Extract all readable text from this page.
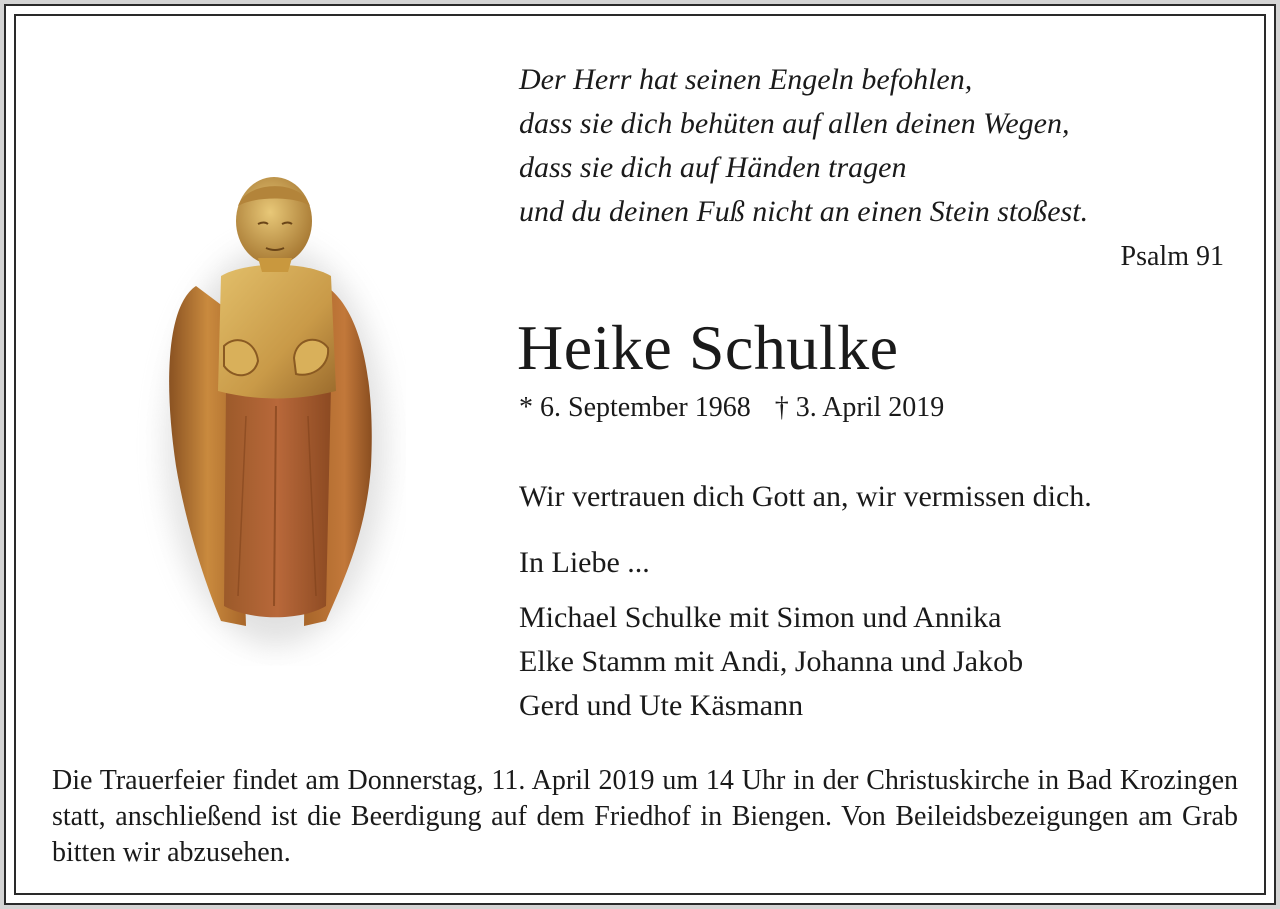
Der Herr hat seinen Engeln befohlen,
dass sie dich behüten auf allen deinen Wegen,
dass sie dich auf Händen tragen
und du deinen Fuß nicht an einen Stein stoßest.
Psalm 91
Heike Schulke
* 6. September 1968 † 3. April 2019
Wir vertrauen dich Gott an, wir vermissen dich.
In Liebe ...
Michael Schulke mit Simon und Annika
Elke Stamm mit Andi, Johanna und Jakob
Gerd und Ute Käsmann
Die Trauerfeier findet am Donnerstag, 11. April 2019 um 14 Uhr in der Christuskirche in Bad Krozingen statt, anschließend ist die Beerdigung auf dem Friedhof in Biengen. Von Beileidsbezeigungen am Grab bitten wir abzusehen.
